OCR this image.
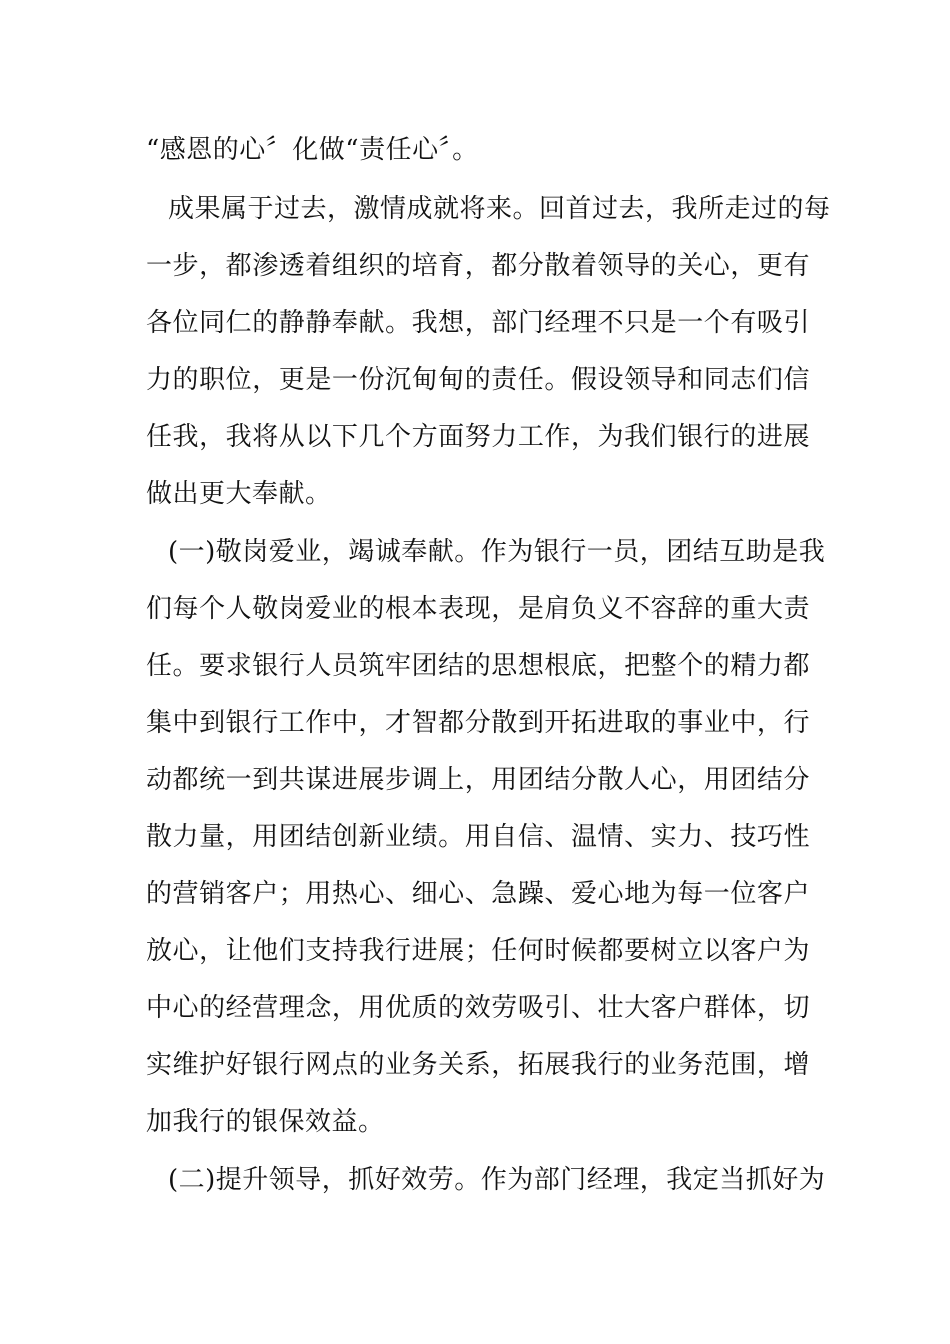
“感恩的心〞化做“责任心〞。
成果属于过去，激情成就将来。回首过去，我所走过的每
一步，都渗透着组织的培育，都分散着领导的关心，更有
各位同仁的静静奉献。我想，部门经理不只是一个有吸引
力的职位，更是一份沉甸甸的责任。假设领导和同志们信
任我，我将从以下几个方面努力工作，为我们银行的进展
做出更大奉献。
(一)敬岗爱业，竭诚奉献。作为银行一员，团结互助是我
们每个人敬岗爱业的根本表现，是肩负义不容辞的重大责
任。要求银行人员筑牢团结的思想根底，把整个的精力都
集中到银行工作中，才智都分散到开拓进取的事业中，行
动都统一到共谋进展步调上，用团结分散人心，用团结分
散力量，用团结创新业绩。用自信、温情、实力、技巧性
的营销客户；用热心、细心、急躁、爱心地为每一位客户
放心，让他们支持我行进展；任何时候都要树立以客户为
中心的经营理念，用优质的效劳吸引、壮大客户群体，切
实维护好银行网点的业务关系，拓展我行的业务范围，增
加我行的银保效益。
(二)提升领导，抓好效劳。作为部门经理，我定当抓好为
